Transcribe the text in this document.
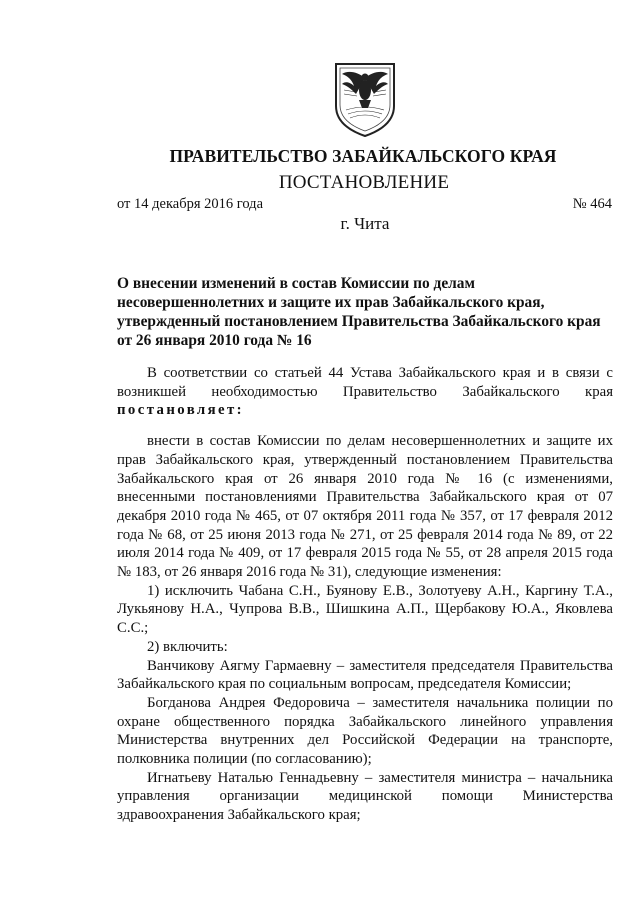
ПРАВИТЕЛЬСТВО ЗАБАЙКАЛЬСКОГО КРАЯ
ПОСТАНОВЛЕНИЕ
от 14 декабря 2016 года	№ 464
г. Чита
О внесении изменений в состав Комиссии по делам несовершеннолетних и защите их прав Забайкальского края, утвержденный постановлением Правительства Забайкальского края от 26 января 2010 года № 16

В соответствии со статьей 44 Устава Забайкальского края и в связи с возникшей необходимостью Правительство Забайкальского края постановляет:

внести в состав Комиссии по делам несовершеннолетних и защите их прав Забайкальского края, утвержденный постановлением Правительства Забайкальского края от 26 января 2010 года № 16 (с изменениями, внесенными постановлениями Правительства Забайкальского края от 07 декабря 2010 года № 465, от 07 октября 2011 года № 357, от 17 февраля 2012 года № 68, от 25 июня 2013 года № 271, от 25 февраля 2014 года № 89, от 22 июля 2014 года № 409, от 17 февраля 2015 года № 55, от 28 апреля 2015 года № 183, от 26 января 2016 года № 31), следующие изменения:

1) исключить Чабана С.Н., Буянову Е.В., Золотуеву А.Н., Каргину Т.А., Лукьянову Н.А., Чупрова В.В., Шишкина А.П., Щербакову Ю.А., Яковлева С.С.;

2) включить:

Ванчикову Аягму Гармаевну – заместителя председателя Правительства Забайкальского края по социальным вопросам, председателя Комиссии;

Богданова Андрея Федоровича – заместителя начальника полиции по охране общественного порядка Забайкальского линейного управления Министерства внутренних дел Российской Федерации на транспорте, полковника полиции (по согласованию);

Игнатьеву Наталью Геннадьевну – заместителя министра – начальника управления организации медицинской помощи Министерства здравоохранения Забайкальского края;
